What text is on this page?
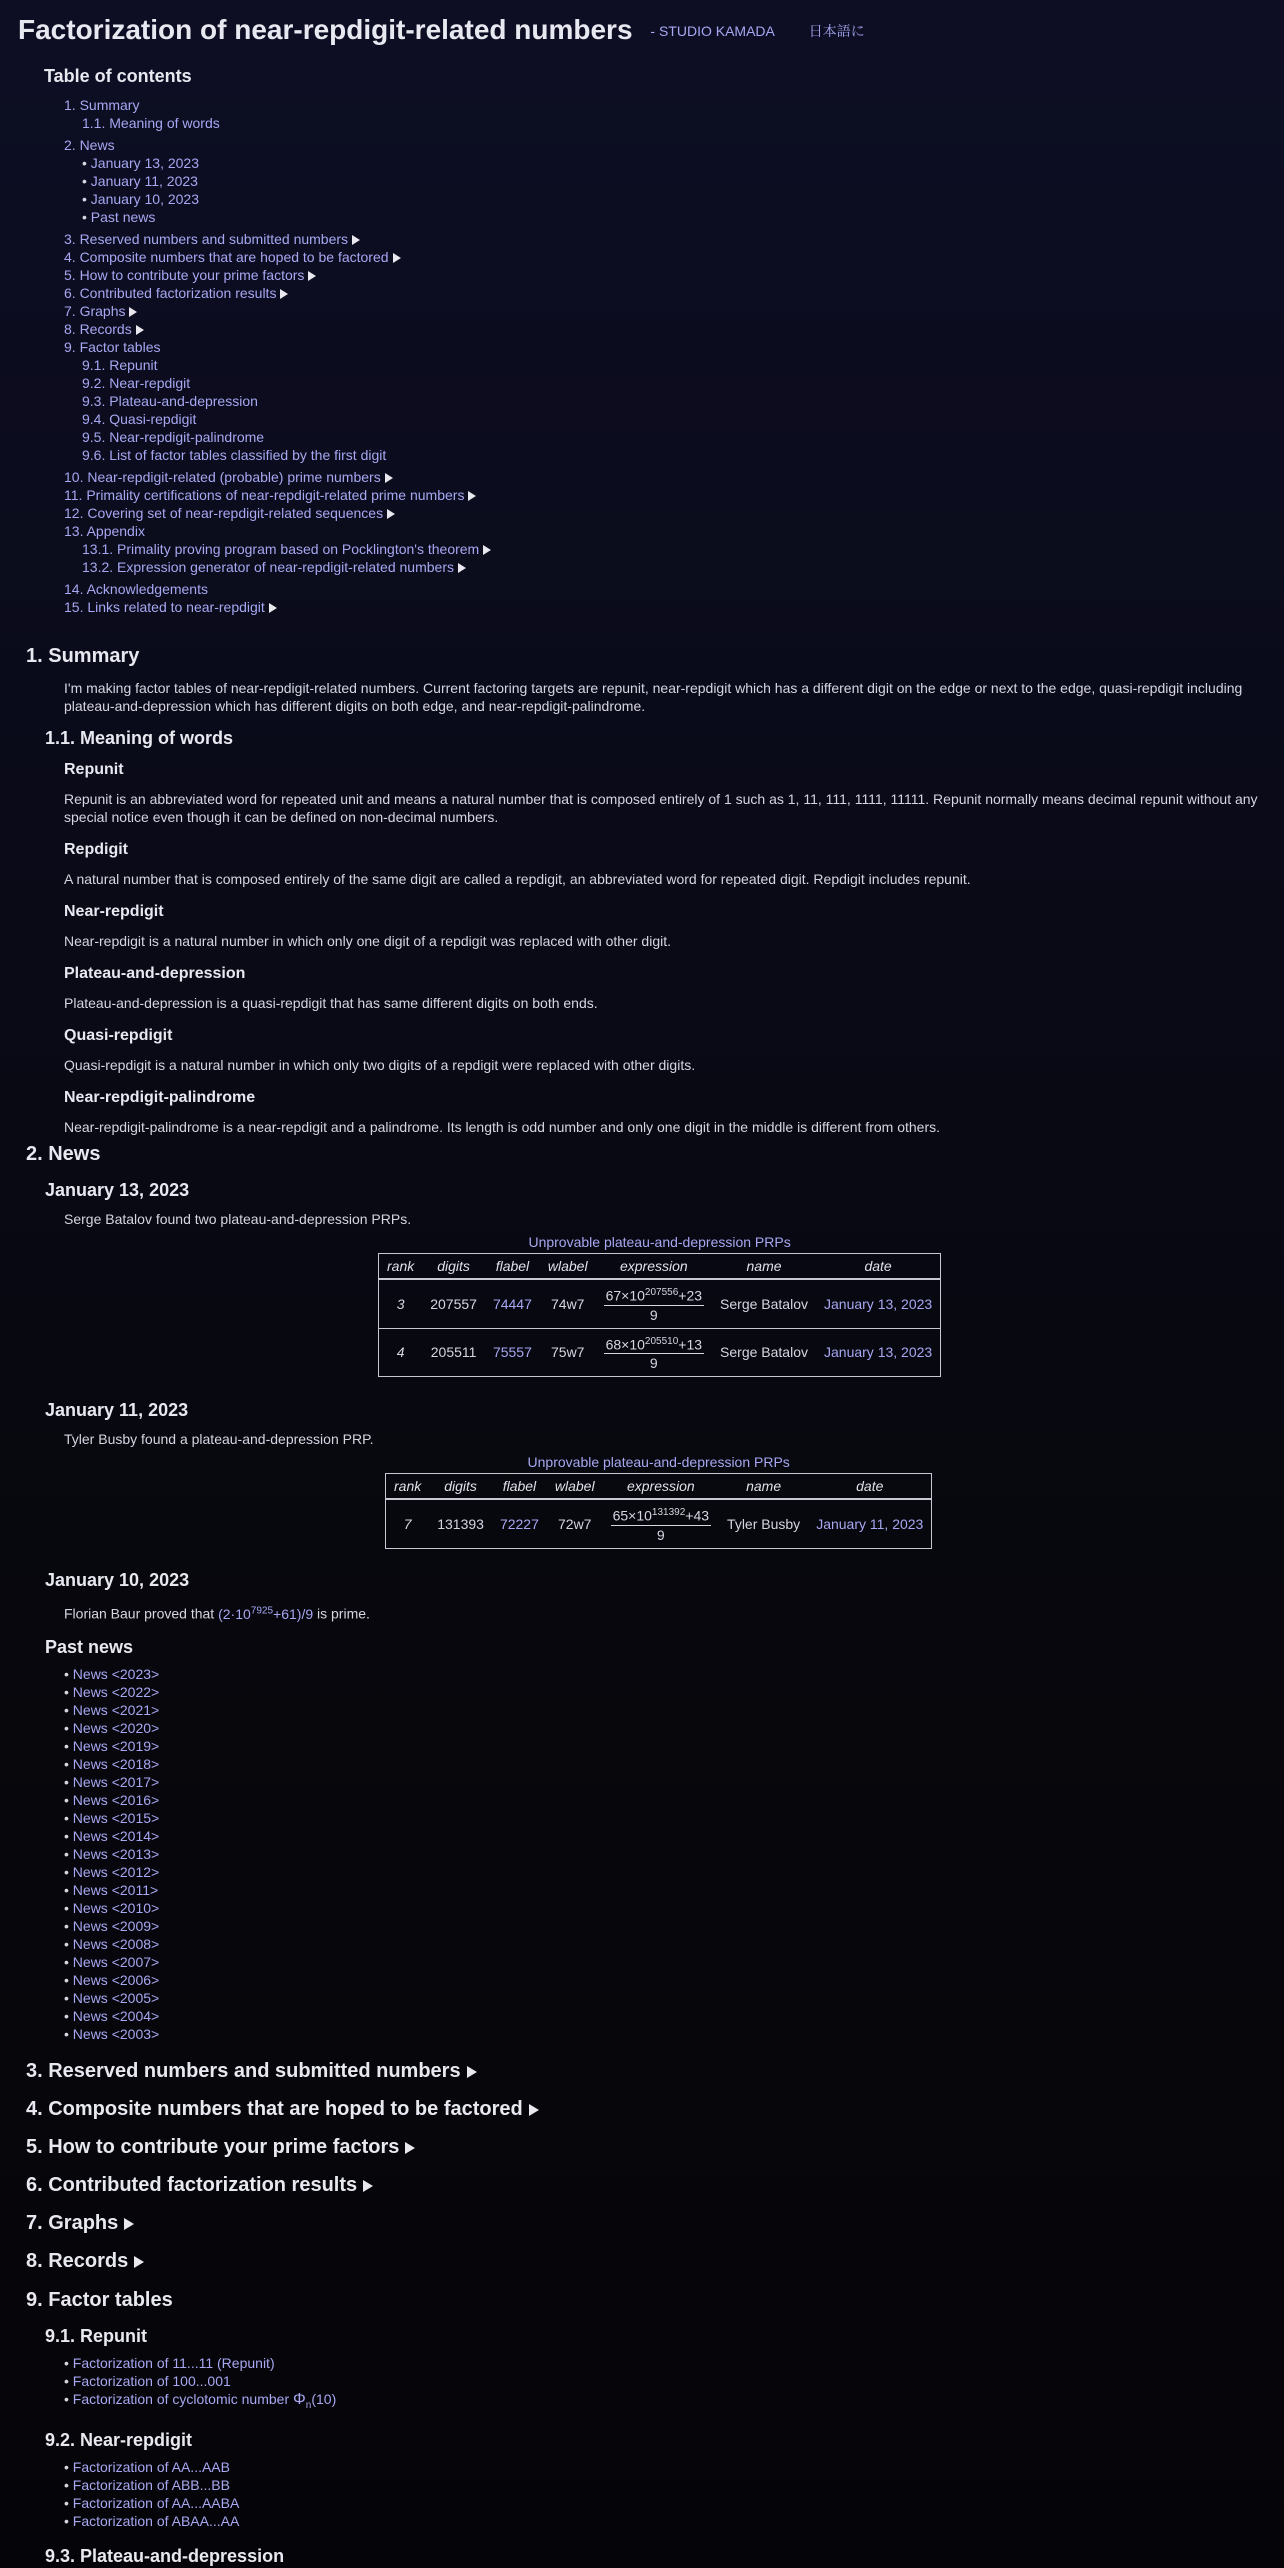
Factorization of near-repdigit-related numbers - STUDIO KAMADA 日本語に
Table of contents
1. Summary
1.1. Meaning of words
2. News
• January 13, 2023
• January 11, 2023
• January 10, 2023
• Past news
3. Reserved numbers and submitted numbers
4. Composite numbers that are hoped to be factored
5. How to contribute your prime factors
6. Contributed factorization results
7. Graphs
8. Records
9. Factor tables
9.1. Repunit
9.2. Near-repdigit
9.3. Plateau-and-depression
9.4. Quasi-repdigit
9.5. Near-repdigit-palindrome
9.6. List of factor tables classified by the first digit
10. Near-repdigit-related (probable) prime numbers
11. Primality certifications of near-repdigit-related prime numbers
12. Covering set of near-repdigit-related sequences
13. Appendix
13.1. Primality proving program based on Pocklington's theorem
13.2. Expression generator of near-repdigit-related numbers
14. Acknowledgements
15. Links related to near-repdigit
1. Summary

I'm making factor tables of near-repdigit-related numbers. Current factoring targets are repunit, near-repdigit which has a different digit on the edge or next to the edge, quasi-repdigit including plateau-and-depression which has different digits on both edge, and near-repdigit-palindrome.

1.1. Meaning of words
Repunit

Repunit is an abbreviated word for repeated unit and means a natural number that is composed entirely of 1 such as 1, 11, 111, 1111, 11111. Repunit normally means decimal repunit without any special notice even though it can be defined on non-decimal numbers.

Repdigit

A natural number that is composed entirely of the same digit are called a repdigit, an abbreviated word for repeated digit. Repdigit includes repunit.

Near-repdigit

Near-repdigit is a natural number in which only one digit of a repdigit was replaced with other digit.

Plateau-and-depression

Plateau-and-depression is a quasi-repdigit that has same different digits on both ends.

Quasi-repdigit

Quasi-repdigit is a natural number in which only two digits of a repdigit were replaced with other digits.

Near-repdigit-palindrome

Near-repdigit-palindrome is a near-repdigit and a palindrome. Its length is odd number and only one digit in the middle is different from others.

2. News
January 13, 2023

Serge Batalov found two plateau-and-depression PRPs.

Unprovable plateau-and-depression PRPs
rank	digits	flabel	wlabel	expression	name	date
3	207557	74447	74w7	$\frac{67\times 10^{207556}+23}{9}$	Serge Batalov	January 13, 2023
4	205511	75557	75w7	$\frac{68\times 10^{205510}+13}{9}$	Serge Batalov	January 13, 2023
January 11, 2023

Tyler Busby found a plateau-and-depression PRP.

Unprovable plateau-and-depression PRPs
rank	digits	flabel	wlabel	expression	name	date
7	131393	72227	72w7	$\frac{65\times 10^{131392}+43}{9}$	Tyler Busby	January 11, 2023
January 10, 2023

Florian Baur proved that $(2\cdot 10^{7925}+61)/9$ is prime.

Past news
• News <2023>
• News <2022>
• News <2021>
• News <2020>
• News <2019>
• News <2018>
• News <2017>
• News <2016>
• News <2015>
• News <2014>
• News <2013>
• News <2012>
• News <2011>
• News <2010>
• News <2009>
• News <2008>
• News <2007>
• News <2006>
• News <2005>
• News <2004>
• News <2003>
3. Reserved numbers and submitted numbers
4. Composite numbers that are hoped to be factored
5. How to contribute your prime factors
6. Contributed factorization results
7. Graphs
8. Records
9. Factor tables
9.1. Repunit
• Factorization of 11...11 (Repunit)
• Factorization of 100...001
• Factorization of cyclotomic number $\Phi_n(10)$
9.2. Near-repdigit
• Factorization of AA...AAB
• Factorization of ABB...BB
• Factorization of AA...AABA
• Factorization of ABAA...AA
9.3. Plateau-and-depression
